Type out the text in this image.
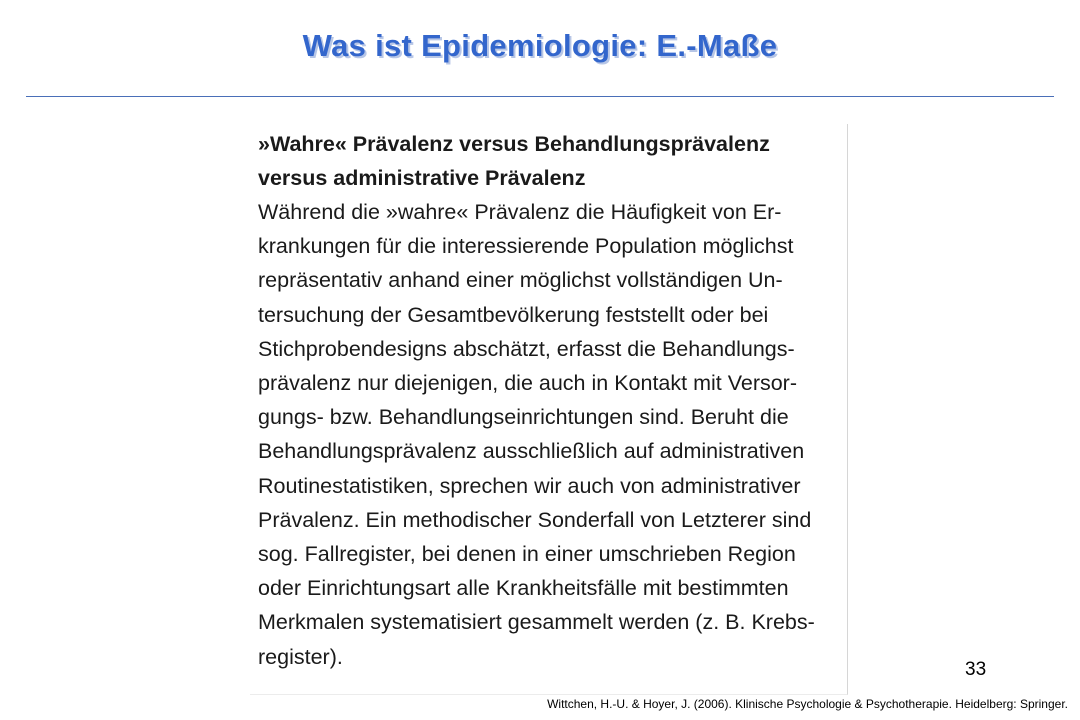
Was ist Epidemiologie: E.-Maße
»Wahre« Prävalenz versus Behandlungsprävalenz
versus administrative Prävalenz
Während die »wahre« Prävalenz die Häufigkeit von Er-
krankungen für die interessierende Population möglichst
repräsentativ anhand einer möglichst vollständigen Un-
tersuchung der Gesamtbevölkerung feststellt oder bei
Stichprobendesigns abschätzt, erfasst die Behandlungs-
prävalenz nur diejenigen, die auch in Kontakt mit Versor-
gungs- bzw. Behandlungseinrichtungen sind. Beruht die
Behandlungsprävalenz ausschließlich auf administrativen
Routinestatistiken, sprechen wir auch von administrativer
Prävalenz. Ein methodischer Sonderfall von Letzterer sind
sog. Fallregister, bei denen in einer umschrieben Region
oder Einrichtungsart alle Krankheitsfälle mit bestimmten
Merkmalen systematisiert gesammelt werden (z. B. Krebs-
register).
33
Wittchen, H.-U. & Hoyer, J. (2006). Klinische Psychologie & Psychotherapie. Heidelberg: Springer.
